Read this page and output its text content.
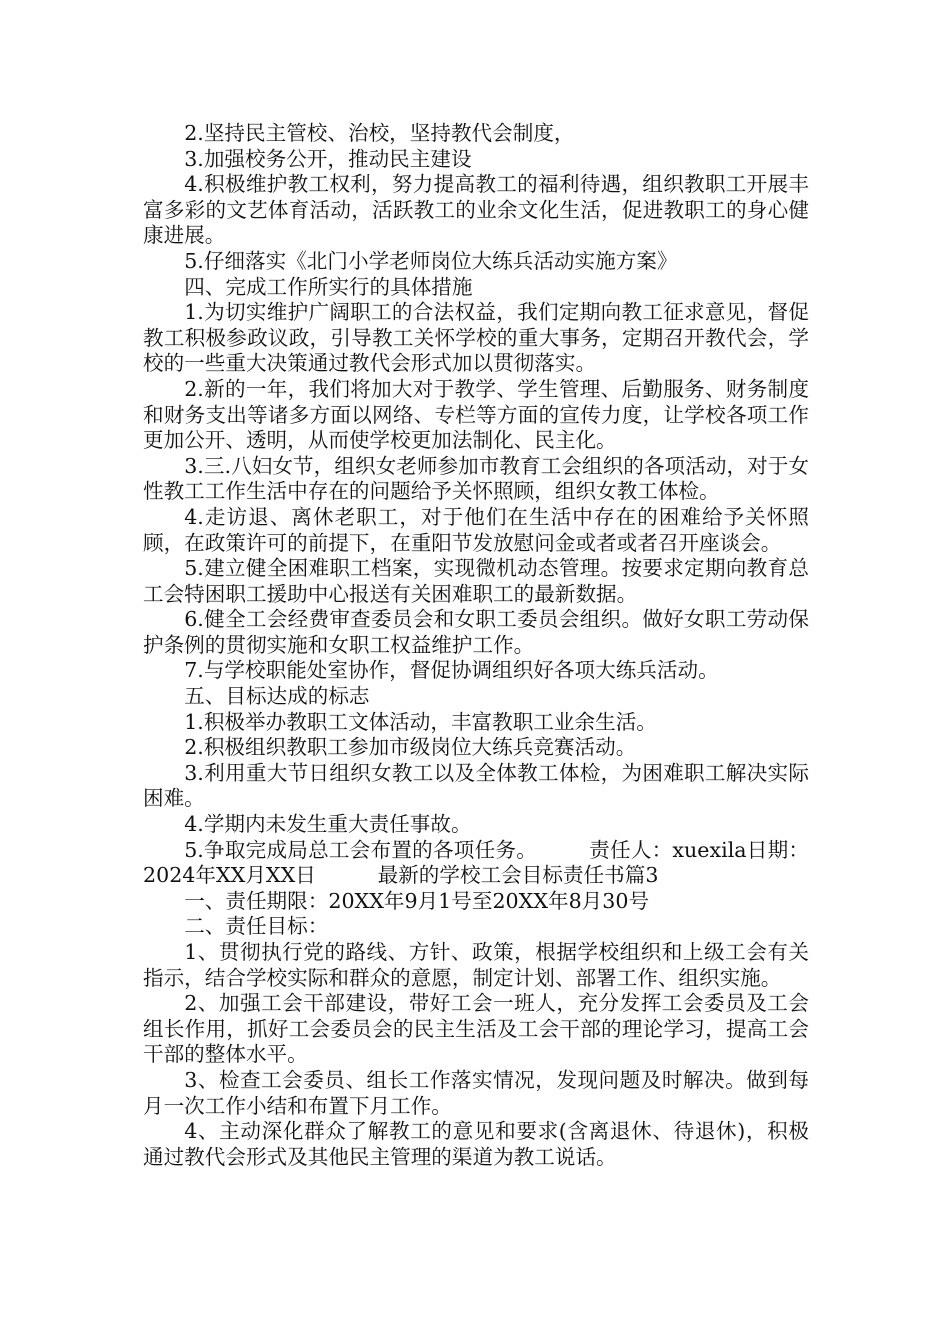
2.坚持民主管校、治校，坚持教代会制度，

3.加强校务公开，推动民主建设

4.积极维护教工权利，努力提高教工的福利待遇，组织教职工开展丰富多彩的文艺体育活动，活跃教工的业余文化生活，促进教职工的身心健康进展。

5.仔细落实《北门小学老师岗位大练兵活动实施方案》

四、完成工作所实行的具体措施

1.为切实维护广阔职工的合法权益，我们定期向教工征求意见，督促教工积极参政议政，引导教工关怀学校的重大事务，定期召开教代会，学校的一些重大决策通过教代会形式加以贯彻落实。

2.新的一年，我们将加大对于教学、学生管理、后勤服务、财务制度和财务支出等诸多方面以网络、专栏等方面的宣传力度，让学校各项工作更加公开、透明，从而使学校更加法制化、民主化。

3.三.八妇女节，组织女老师参加市教育工会组织的各项活动，对于女性教工工作生活中存在的问题给予关怀照顾，组织女教工体检。

4.走访退、离休老职工，对于他们在生活中存在的困难给予关怀照顾，在政策许可的前提下，在重阳节发放慰问金或者或者召开座谈会。

5.建立健全困难职工档案，实现微机动态管理。按要求定期向教育总工会特困职工援助中心报送有关困难职工的最新数据。

6.健全工会经费审查委员会和女职工委员会组织。做好女职工劳动保护条例的贯彻实施和女职工权益维护工作。

7.与学校职能处室协作，督促协调组织好各项大练兵活动。

五、目标达成的标志

1.积极举办教职工文体活动，丰富教职工业余生活。

2.积极组织教职工参加市级岗位大练兵竞赛活动。

3.利用重大节日组织女教工以及全体教工体检，为困难职工解决实际困难。

4.学期内未发生重大责任事故。

5.争取完成局总工会布置的各项任务。　　　责任人：xuexila日期：2024年XX月XX日　　　最新的学校工会目标责任书篇3

一、责任期限：20XX年9月1号至20XX年8月30号

二、责任目标：

1、贯彻执行党的路线、方针、政策，根据学校组织和上级工会有关指示，结合学校实际和群众的意愿，制定计划、部署工作、组织实施。

2、加强工会干部建设，带好工会一班人，充分发挥工会委员及工会组长作用，抓好工会委员会的民主生活及工会干部的理论学习，提高工会干部的整体水平。

3、检查工会委员、组长工作落实情况，发现问题及时解决。做到每月一次工作小结和布置下月工作。

4、主动深化群众了解教工的意见和要求(含离退休、待退休)，积极通过教代会形式及其他民主管理的渠道为教工说话。
